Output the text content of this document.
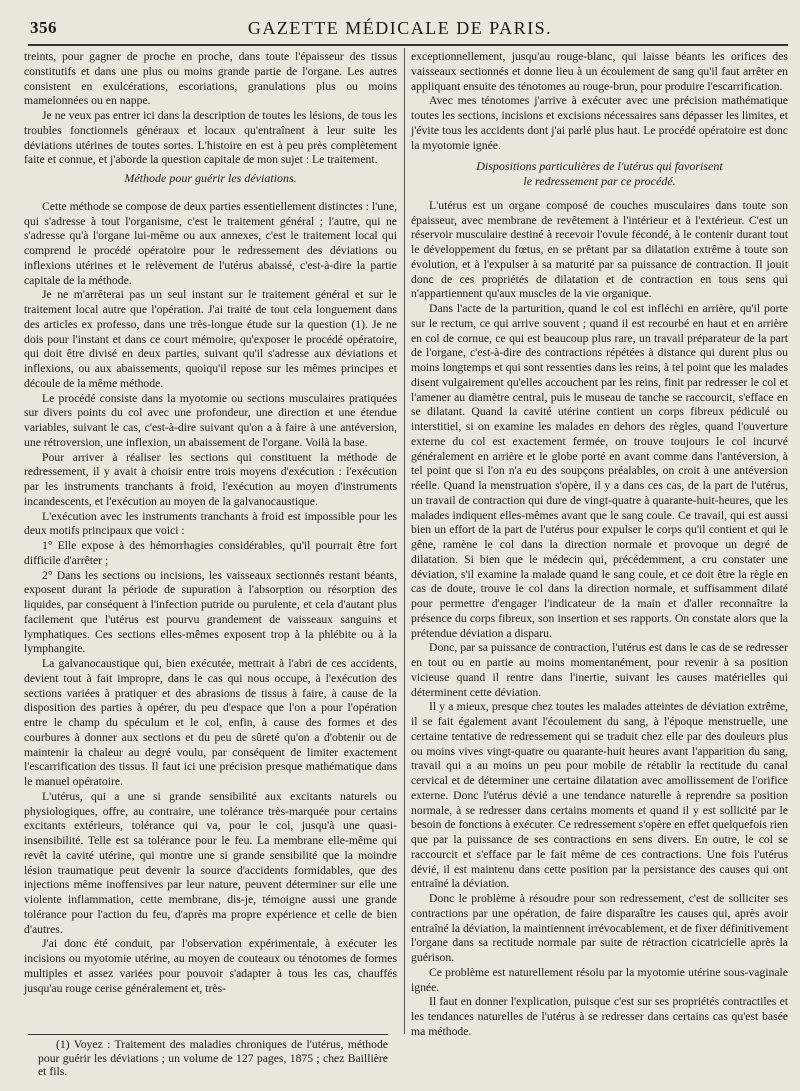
356	GAZETTE MÉDICALE DE PARIS.

treints, pour gagner de proche en proche, dans toute l'épaisseur des tissus constitutifs et dans une plus ou moins grande partie de l'organe. Les autres consistent en exulcérations, escoriations, granulations plus ou moins mamelonnées ou en nappe.

Je ne veux pas entrer ici dans la description de toutes les lésions, de tous les troubles fonctionnels généraux et locaux qu'entraînent à leur suite les déviations utérines de toutes sortes. L'histoire en est à peu près complètement faite et connue, et j'aborde la question capitale de mon sujet : Le traitement.

Méthode pour guérir les déviations.

Cette méthode se compose de deux parties essentiellement distinctes : l'une, qui s'adresse à tout l'organisme, c'est le traitement général ; l'autre, qui ne s'adresse qu'à l'organe lui-même ou aux annexes, c'est le traitement local qui comprend le procédé opératoire pour le redressement des déviations ou inflexions utérines et le relèvement de l'utérus abaissé, c'est-à-dire la partie capitale de la méthode.

Je ne m'arrêterai pas un seul instant sur le traitement général et sur le traitement local autre que l'opération. J'ai traité de tout cela longuement dans des articles ex professo, dans une très-longue étude sur la question (1). Je ne dois pour l'instant et dans ce court mémoire, qu'exposer le procédé opératoire, qui doit être divisé en deux parties, suivant qu'il s'adresse aux déviations et inflexions, ou aux abaissements, quoiqu'il repose sur les mêmes principes et découle de la même méthode.

Le procédé consiste dans la myotomie ou sections musculaires pratiquées sur divers points du col avec une profondeur, une direction et une étendue variables, suivant le cas, c'est-à-dire suivant qu'on a à faire à une antéversion, une rétroversion, une inflexion, un abaissement de l'organe. Voilà la base.

Pour arriver à réaliser les sections qui constituent la méthode de redressement, il y avait à choisir entre trois moyens d'exécution : l'exécution par les instruments tranchants à froid, l'exécution au moyen d'instruments incandescents, et l'exécution au moyen de la galvanocaustique.

L'exécution avec les instruments tranchants à froid est impossible pour les deux motifs principaux que voici :

1° Elle expose à des hémorrhagies considérables, qu'il pourrait être fort difficile d'arrêter ;

2° Dans les sections ou incisions, les vaisseaux sectionnés restant béants, exposent durant la période de supuration à l'absorption ou résorption des liquides, par conséquent à l'infection putride ou purulente, et cela d'autant plus facilement que l'utérus est pourvu grandement de vaisseaux sanguins et lymphatiques. Ces sections elles-mêmes exposent trop à la phlébite ou à la lymphangite.

La galvanocaustique qui, bien exécutée, mettrait à l'abri de ces accidents, devient tout à fait impropre, dans le cas qui nous occupe, à l'exécution des sections variées à pratiquer et des abrasions de tissus à faire, à cause de la disposition des parties à opérer, du peu d'espace que l'on a pour l'opération entre le champ du spéculum et le col, enfin, à cause des formes et des courbures à donner aux sections et du peu de sûreté qu'on a d'obtenir ou de maintenir la chaleur au degré voulu, par conséquent de limiter exactement l'escarrification des tissus. Il faut ici une précision presque mathématique dans le manuel opératoire.

L'utérus, qui a une si grande sensibilité aux excitants naturels ou physiologiques, offre, au contraire, une tolérance très-marquée pour certains excitants extérieurs, tolérance qui va, pour le col, jusqu'à une quasi-insensibilité. Telle est sa tolérance pour le feu. La membrane elle-même qui revêt la cavité utérine, qui montre une si grande sensibilité que la moindre lésion traumatique peut devenir la source d'accidents formidables, que des injections même inoffensives par leur nature, peuvent déterminer sur elle une violente inflammation, cette membrane, dis-je, témoigne aussi une grande tolérance pour l'action du feu, d'après ma propre expérience et celle de bien d'autres.

J'ai donc été conduit, par l'observation expérimentale, à exécuter les incisions ou myotomie utérine, au moyen de couteaux ou ténotomes de formes multiples et assez variées pour pouvoir s'adapter à tous les cas, chauffés jusqu'au rouge cerise généralement et, très-

exceptionnellement, jusqu'au rouge-blanc, qui laisse béants les orifices des vaisseaux sectionnés et donne lieu à un écoulement de sang qu'il faut arrêter en appliquant ensuite des ténotomes au rouge-brun, pour produire l'escarrification.

Avec mes ténotomes j'arrive à exécuter avec une précision mathématique toutes les sections, incisions et excisions nécessaires sans dépasser les limites, et j'évite tous les accidents dont j'ai parlé plus haut. Le procédé opératoire est donc la myotomie ignée.

Dispositions particulières de l'utérus qui favorisent
le redressement par ce procédé.

L'utérus est un organe composé de couches musculaires dans toute son épaisseur, avec membrane de revêtement à l'intérieur et à l'extérieur. C'est un réservoir musculaire destiné à recevoir l'ovule fécondé, à le contenir durant tout le développement du fœtus, en se prêtant par sa dilatation extrême à toute son évolution, et à l'expulser à sa maturité par sa puissance de contraction. Il jouit donc de ces propriétés de dilatation et de contraction en tous sens qui n'appartiennent qu'aux muscles de la vie organique.

Dans l'acte de la parturition, quand le col est infléchi en arrière, qu'il porte sur le rectum, ce qui arrive souvent ; quand il est recourbé en haut et en arrière en col de cornue, ce qui est beaucoup plus rare, un travail préparateur de la part de l'organe, c'est-à-dire des contractions répétées à distance qui durent plus ou moins longtemps et qui sont ressenties dans les reins, à tel point que les malades disent vulgairement qu'elles accouchent par les reins, finit par redresser le col et l'amener au diamètre central, puis le museau de tanche se raccourcit, s'efface en se dilatant. Quand la cavité utérine contient un corps fibreux pédiculé ou interstitiel, si on examine les malades en dehors des règles, quand l'ouverture externe du col est exactement fermée, on trouve toujours le col incurvé généralement en arrière et le globe porté en avant comme dans l'antéversion, à tel point que si l'on n'a eu des soupçons préalables, on croit à une antéversion réelle. Quand la menstruation s'opère, il y a dans ces cas, de la part de l'utérus, un travail de contraction qui dure de vingt-quatre à quarante-huit-heures, que les malades indiquent elles-mêmes avant que le sang coule. Ce travail, qui est aussi bien un effort de la part de l'utérus pour expulser le corps qu'il contient et qui le gêne, ramène le col dans la direction normale et provoque un degré de dilatation. Si bien que le médecin qui, précédemment, a cru constater une déviation, s'il examine la malade quand le sang coule, et ce doit être la règle en cas de doute, trouve le col dans la direction normale, et suffisamment dilaté pour permettre d'engager l'indicateur de la main et d'aller reconnaître la présence du corps fibreux, son insertion et ses rapports. On constate alors que la prétendue déviation a disparu.

Donc, par sa puissance de contraction, l'utérus est dans le cas de se redresser en tout ou en partie au moins momentanément, pour revenir à sa position vicieuse quand il rentre dans l'inertie, suivant les causes matérielles qui déterminent cette déviation.

Il y a mieux, presque chez toutes les malades atteintes de déviation extrême, il se fait également avant l'écoulement du sang, à l'époque menstruelle, une certaine tentative de redressement qui se traduit chez elle par des douleurs plus ou moins vives vingt-quatre ou quarante-huit heures avant l'apparition du sang, travail qui a au moins un peu pour mobile de rétablir la rectitude du canal cervical et de déterminer une certaine dilatation avec amollissement de l'orifice externe. Donc l'utérus dévié a une tendance naturelle à reprendre sa position normale, à se redresser dans certains moments et quand il y est sollicité par le besoin de fonctions à exécuter. Ce redressement s'opère en effet quelquefois rien que par la puissance de ses contractions en sens divers. En outre, le col se raccourcit et s'efface par le fait même de ces contractions. Une fois l'utérus dévié, il est maintenu dans cette position par la persistance des causes qui ont entraîné la déviation.

Donc le problème à résoudre pour son redressement, c'est de solliciter ses contractions par une opération, de faire disparaître les causes qui, après avoir entraîné la déviation, la maintiennent irrévocablement, et de fixer définitivement l'organe dans sa rectitude normale par suite de rétraction cicatricielle après la guérison.

Ce problème est naturellement résolu par la myotomie utérine sous-vaginale ignée.

Il faut en donner l'explication, puisque c'est sur ses propriétés contractiles et les tendances naturelles de l'utérus à se redresser dans certains cas qu'est basée ma méthode.

(1) Voyez : Traitement des maladies chroniques de l'utérus, méthode pour guérir les déviations ; un volume de 127 pages, 1875 ; chez Baillière et fils.
